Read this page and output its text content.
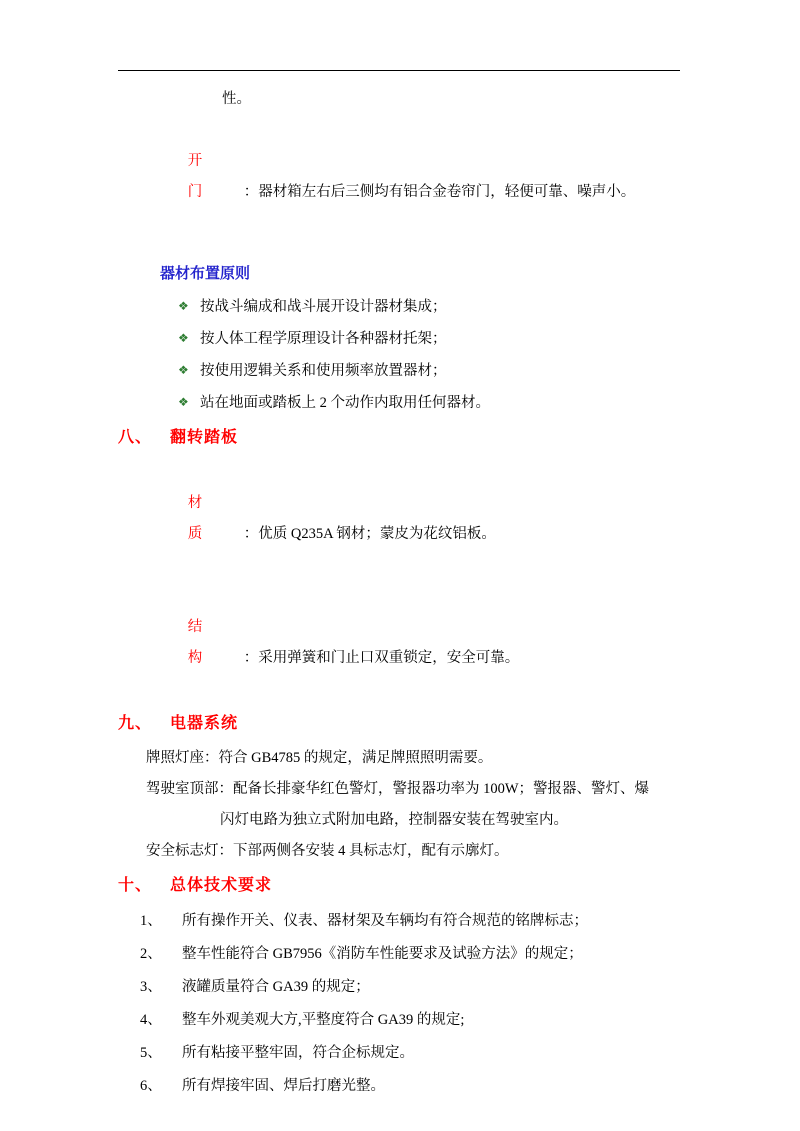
性。

开  门 ：器材箱左右后三侧均有铝合金卷帘门，轻便可靠、噪声小。

器材布置原则
❖ 按战斗编成和战斗展开设计器材集成；
❖ 按人体工程学原理设计各种器材托架；
❖ 按使用逻辑关系和使用频率放置器材；
❖ 站在地面或踏板上 2 个动作内取用任何器材。
八、 翻转踏板

材  质 ：优质 Q235A 钢材；蒙皮为花纹铝板。

结  构 ：采用弹簧和门止口双重锁定，安全可靠。

九、 电器系统
牌照灯座：符合 GB4785 的规定，满足牌照照明需要。
驾驶室顶部：配备长排豪华红色警灯，警报器功率为 100W；警报器、警灯、爆
闪灯电路为独立式附加电路，控制器安装在驾驶室内。
安全标志灯：下部两侧各安装 4 具标志灯，配有示廓灯。
十、 总体技术要求
1、 所有操作开关、仪表、器材架及车辆均有符合规范的铭牌标志；
2、 整车性能符合 GB7956《消防车性能要求及试验方法》的规定；
3、 液罐质量符合 GA39 的规定；
4、 整车外观美观大方,平整度符合 GA39 的规定;
5、 所有粘接平整牢固，符合企标规定。
6、 所有焊接牢固、焊后打磨光整。
